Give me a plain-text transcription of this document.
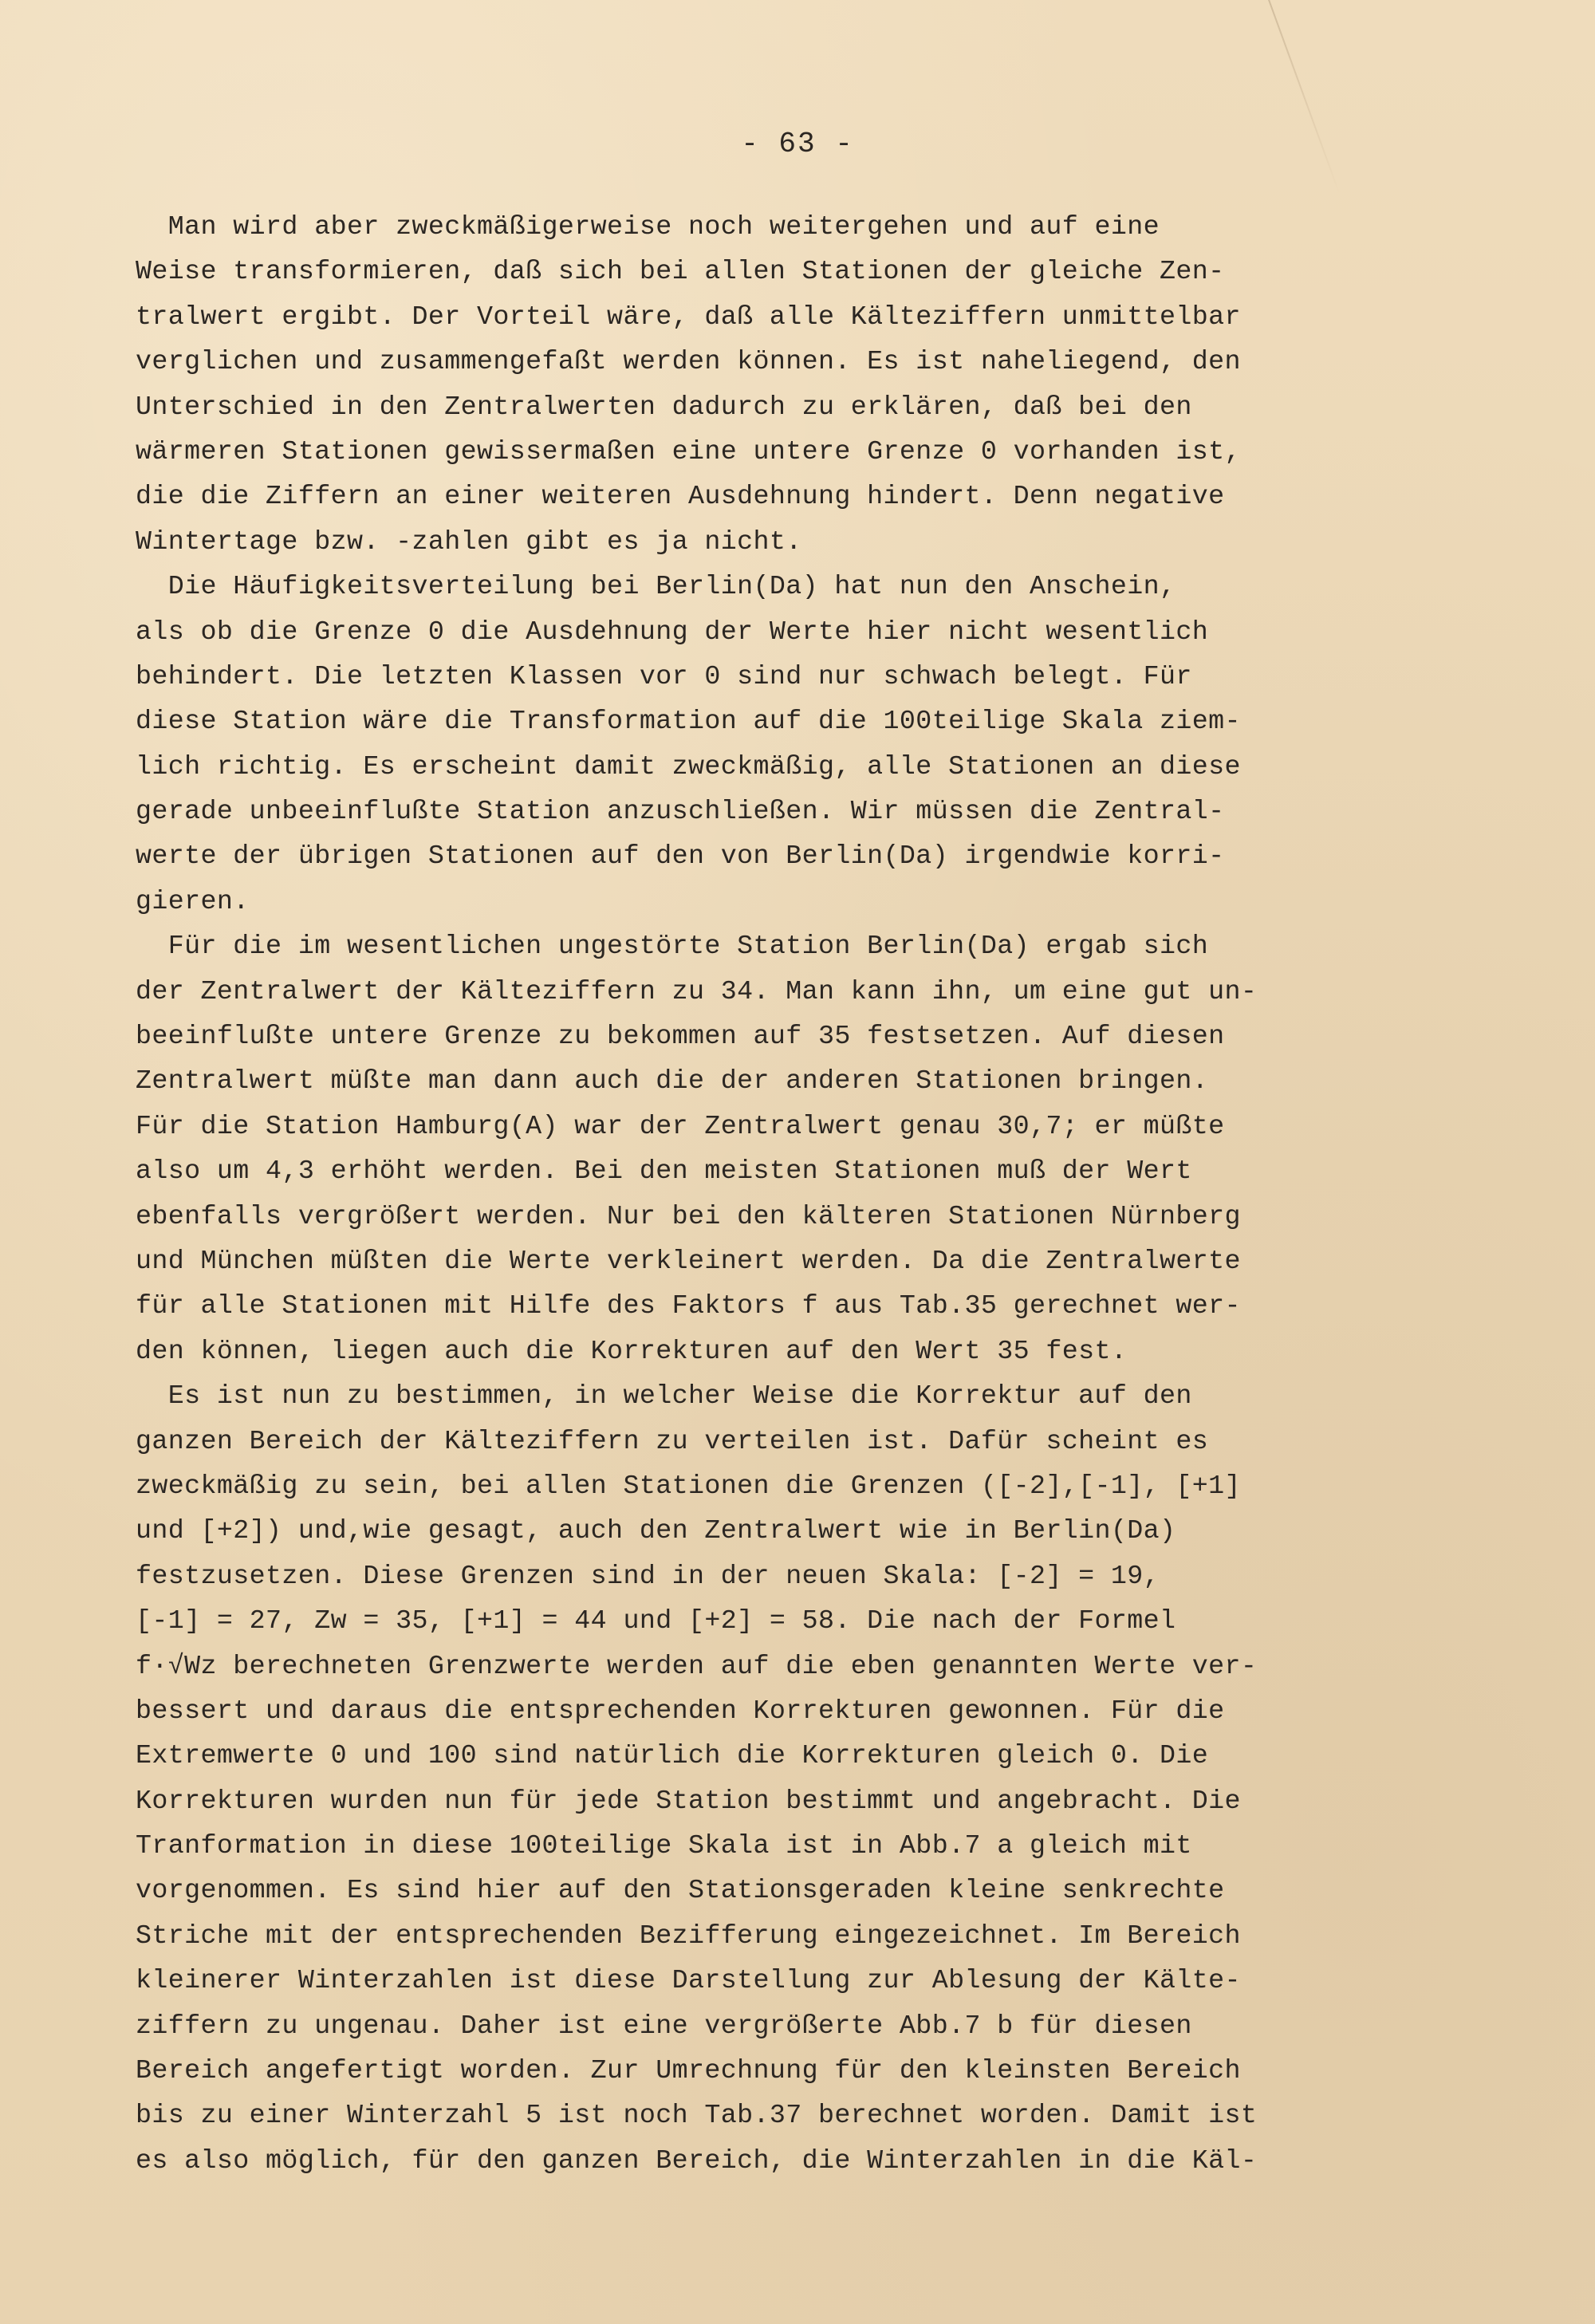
- 63 -
Man wird aber zweckmäßigerweise noch weitergehen und auf eine
Weise transformieren, daß sich bei allen Stationen der gleiche Zen-
tralwert ergibt. Der Vorteil wäre, daß alle Kälteziffern unmittelbar
verglichen und zusammengefaßt werden können. Es ist naheliegend, den
Unterschied in den Zentralwerten dadurch zu erklären, daß bei den
wärmeren Stationen gewissermaßen eine untere Grenze 0 vorhanden ist,
die die Ziffern an einer weiteren Ausdehnung hindert. Denn negative
Wintertage bzw. -zahlen gibt es ja nicht.
Die Häufigkeitsverteilung bei Berlin(Da) hat nun den Anschein,
als ob die Grenze 0 die Ausdehnung der Werte hier nicht wesentlich
behindert. Die letzten Klassen vor 0 sind nur schwach belegt. Für
diese Station wäre die Transformation auf die 100teilige Skala ziem-
lich richtig. Es erscheint damit zweckmäßig, alle Stationen an diese
gerade unbeeinflußte Station anzuschließen. Wir müssen die Zentral-
werte der übrigen Stationen auf den von Berlin(Da) irgendwie korri-
gieren.
Für die im wesentlichen ungestörte Station Berlin(Da) ergab sich
der Zentralwert der Kälteziffern zu 34. Man kann ihn, um eine gut un-
beeinflußte untere Grenze zu bekommen auf 35 festsetzen. Auf diesen
Zentralwert müßte man dann auch die der anderen Stationen bringen.
Für die Station Hamburg(A) war der Zentralwert genau 30,7; er müßte
also um 4,3 erhöht werden. Bei den meisten Stationen muß der Wert
ebenfalls vergrößert werden. Nur bei den kälteren Stationen Nürnberg
und München müßten die Werte verkleinert werden. Da die Zentralwerte
für alle Stationen mit Hilfe des Faktors f aus Tab.35 gerechnet wer-
den können, liegen auch die Korrekturen auf den Wert 35 fest.
Es ist nun zu bestimmen, in welcher Weise die Korrektur auf den
ganzen Bereich der Kälteziffern zu verteilen ist. Dafür scheint es
zweckmäßig zu sein, bei allen Stationen die Grenzen ([-2],[-1], [+1]
und [+2]) und,wie gesagt, auch den Zentralwert wie in Berlin(Da)
festzusetzen. Diese Grenzen sind in der neuen Skala: [-2] = 19,
[-1] = 27, Zw = 35, [+1] = 44 und [+2] = 58. Die nach der Formel
f·√Wz berechneten Grenzwerte werden auf die eben genannten Werte ver-
bessert und daraus die entsprechenden Korrekturen gewonnen. Für die
Extremwerte 0 und 100 sind natürlich die Korrekturen gleich 0. Die
Korrekturen wurden nun für jede Station bestimmt und angebracht. Die
Tranformation in diese 100teilige Skala ist in Abb.7 a gleich mit
vorgenommen. Es sind hier auf den Stationsgeraden kleine senkrechte
Striche mit der entsprechenden Bezifferung eingezeichnet. Im Bereich
kleinerer Winterzahlen ist diese Darstellung zur Ablesung der Kälte-
ziffern zu ungenau. Daher ist eine vergrößerte Abb.7 b für diesen
Bereich angefertigt worden. Zur Umrechnung für den kleinsten Bereich
bis zu einer Winterzahl 5 ist noch Tab.37 berechnet worden. Damit ist
es also möglich, für den ganzen Bereich, die Winterzahlen in die Käl-
